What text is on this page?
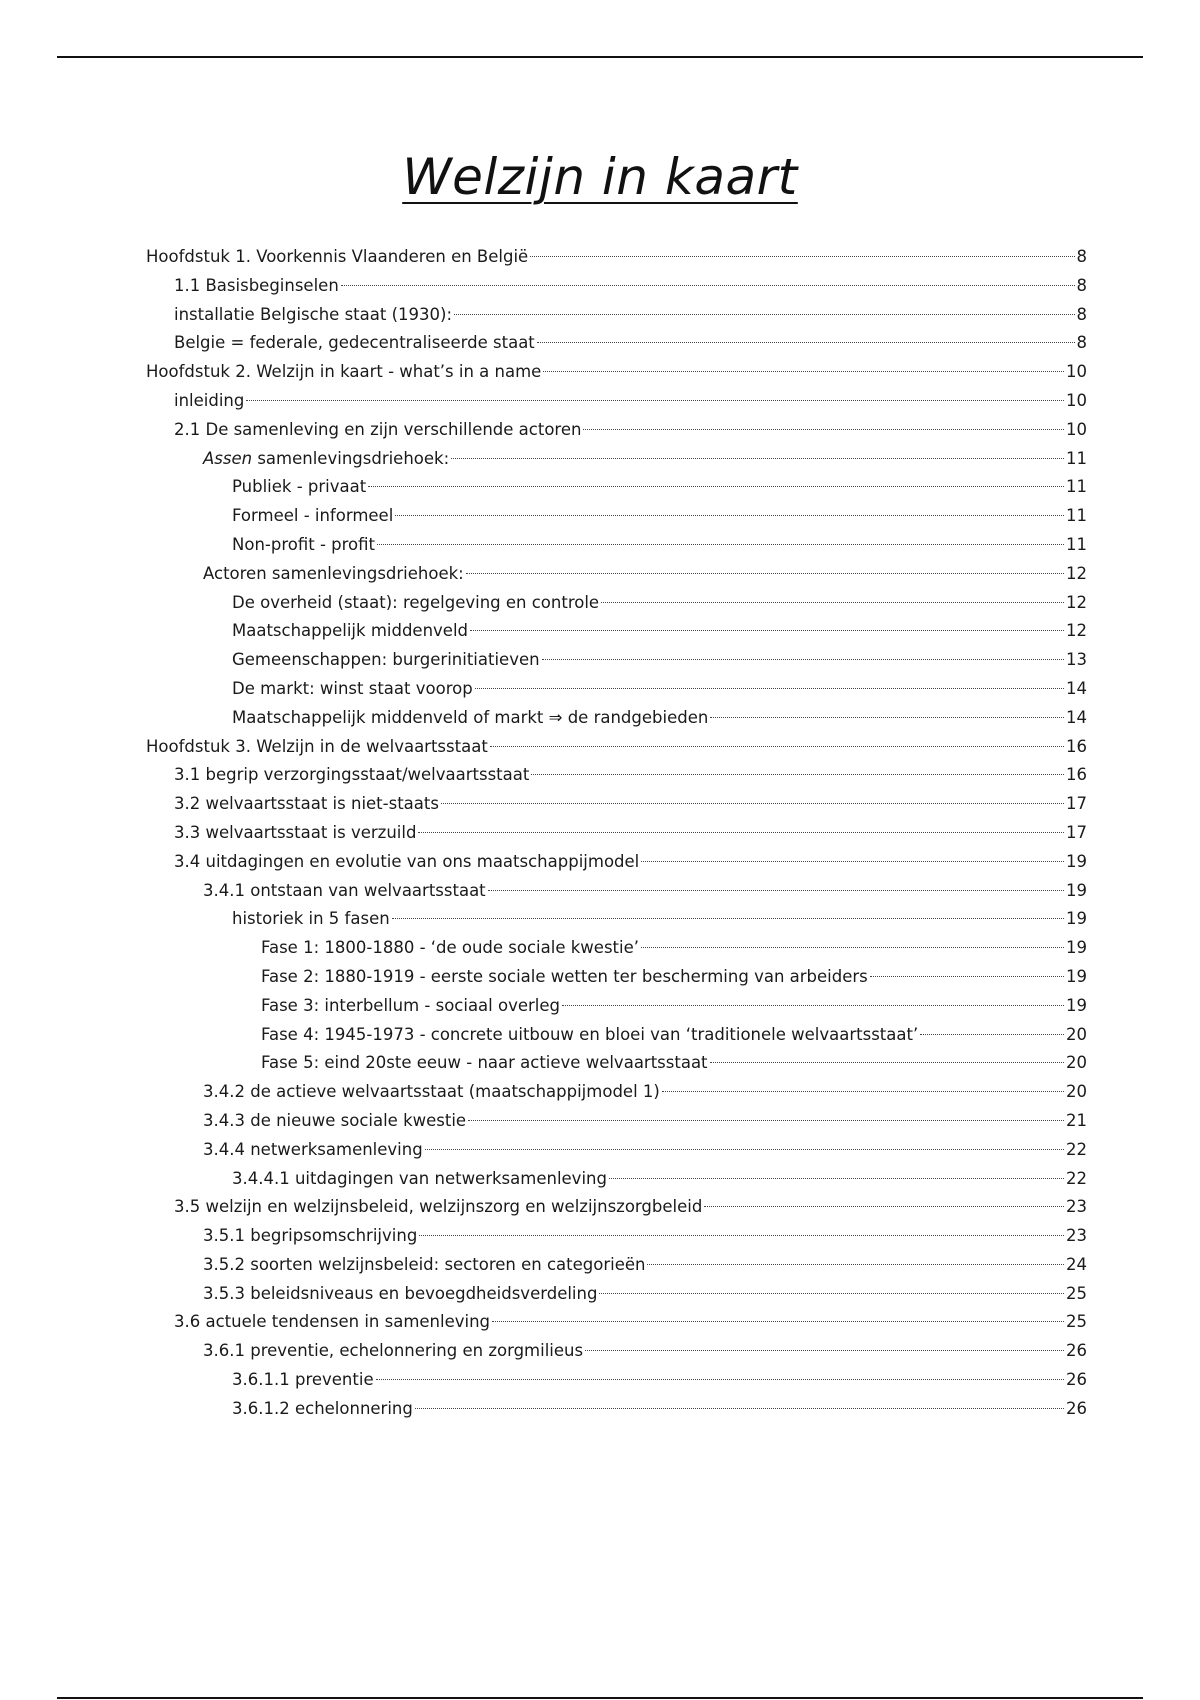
Welzijn in kaart
Hoofdstuk 1. Voorkennis Vlaanderen en België	8
1.1 Basisbeginselen	8
installatie Belgische staat (1930):	8
Belgie = federale, gedecentraliseerde staat	8
Hoofdstuk 2. Welzijn in kaart - what’s in a name	10
inleiding	10
2.1 De samenleving en zijn verschillende actoren	10
Assen samenlevingsdriehoek:	11
Publiek - privaat	11
Formeel - informeel	11
Non-profit - profit	11
Actoren samenlevingsdriehoek:	12
De overheid (staat): regelgeving en controle	12
Maatschappelijk middenveld	12
Gemeenschappen: burgerinitiatieven	13
De markt: winst staat voorop	14
Maatschappelijk middenveld of markt ⇒ de randgebieden	14
Hoofdstuk 3. Welzijn in de welvaartsstaat	16
3.1 begrip verzorgingsstaat/welvaartsstaat	16
3.2 welvaartsstaat is niet-staats	17
3.3 welvaartsstaat is verzuild	17
3.4 uitdagingen en evolutie van ons maatschappijmodel	19
3.4.1 ontstaan van welvaartsstaat	19
historiek in 5 fasen	19
Fase 1: 1800-1880 - ‘de oude sociale kwestie’	19
Fase 2: 1880-1919 - eerste sociale wetten ter bescherming van arbeiders	19
Fase 3: interbellum - sociaal overleg	19
Fase 4: 1945-1973 - concrete uitbouw en bloei van ‘traditionele welvaartsstaat’	20
Fase 5: eind 20ste eeuw - naar actieve welvaartsstaat	20
3.4.2 de actieve welvaartsstaat (maatschappijmodel 1)	20
3.4.3 de nieuwe sociale kwestie	21
3.4.4 netwerksamenleving	22
3.4.4.1 uitdagingen van netwerksamenleving	22
3.5 welzijn en welzijnsbeleid, welzijnszorg en welzijnszorgbeleid	23
3.5.1 begripsomschrijving	23
3.5.2 soorten welzijnsbeleid: sectoren en categorieën	24
3.5.3 beleidsniveaus en bevoegdheidsverdeling	25
3.6 actuele tendensen in samenleving	25
3.6.1 preventie, echelonnering en zorgmilieus	26
3.6.1.1 preventie	26
3.6.1.2 echelonnering	26
